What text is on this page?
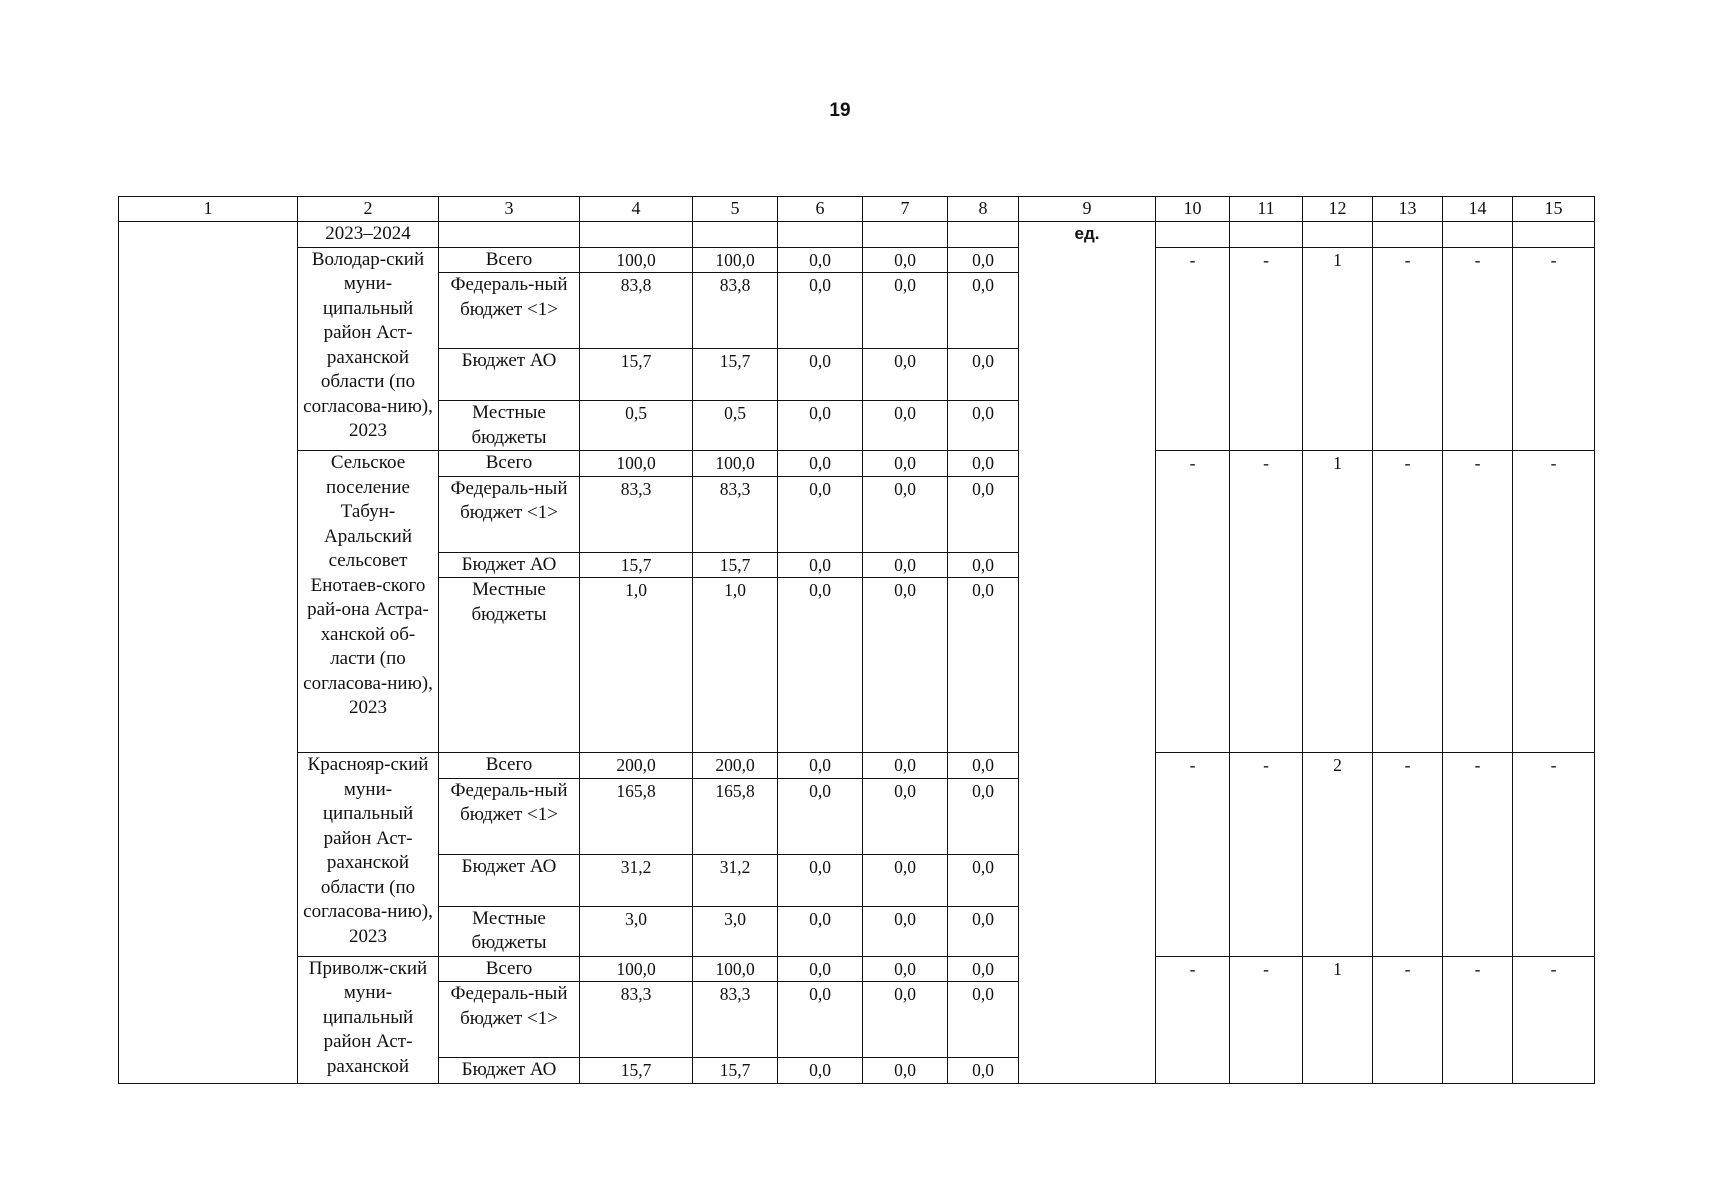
19
1	2	3	4	5	6	7	8	9	10	11	12	13	14	15
	2023–2024							ед.						
	Володар-ский муни-ципальный район Аст-раханской области (по согласова-нию), 2023	Всего	100,0	100,0	0,0	0,0	0,0		-	-	1	-	-	-
		Федераль-ный бюджет <1>	83,8	83,8	0,0	0,0	0,0							
		Бюджет АО	15,7	15,7	0,0	0,0	0,0							
		Местные бюджеты	0,5	0,5	0,0	0,0	0,0							
	Сельское поселение Табун-Аральский сельсовет Енотаев-ского рай-она Астра-ханской об-ласти (по согласова-нию), 2023	Всего	100,0	100,0	0,0	0,0	0,0		-	-	1	-	-	-
		Федераль-ный бюджет <1>	83,3	83,3	0,0	0,0	0,0							
		Бюджет АО	15,7	15,7	0,0	0,0	0,0							
		Местные бюджеты	1,0	1,0	0,0	0,0	0,0							
	Краснояр-ский муни-ципальный район Аст-раханской области (по согласова-нию), 2023	Всего	200,0	200,0	0,0	0,0	0,0		-	-	2	-	-	-
		Федераль-ный бюджет <1>	165,8	165,8	0,0	0,0	0,0							
		Бюджет АО	31,2	31,2	0,0	0,0	0,0							
		Местные бюджеты	3,0	3,0	0,0	0,0	0,0							
	Приволж-ский муни-ципальный район Аст-раханской	Всего	100,0	100,0	0,0	0,0	0,0		-	-	1	-	-	-
		Федераль-ный бюджет <1>	83,3	83,3	0,0	0,0	0,0							
		Бюджет АО	15,7	15,7	0,0	0,0	0,0							
